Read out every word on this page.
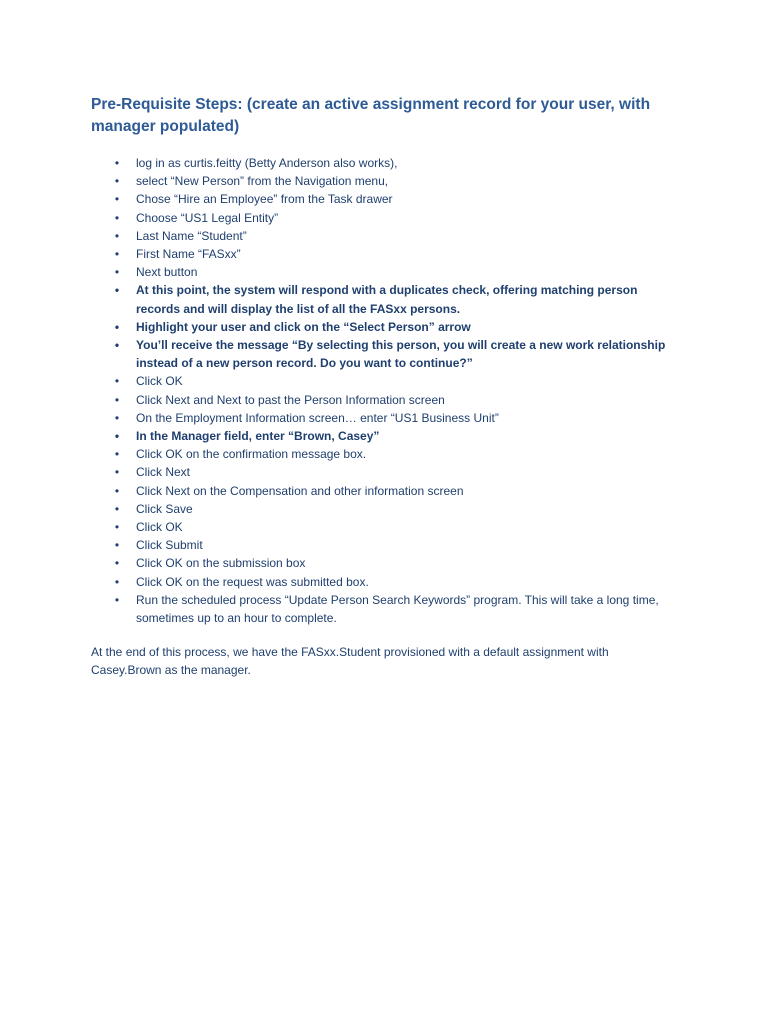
Pre-Requisite Steps: (create an active assignment record for your user, with manager populated)
• log in as curtis.feitty (Betty Anderson also works),
• select “New Person” from the Navigation menu,
• Chose “Hire an Employee” from the Task drawer
• Choose “US1 Legal Entity”
• Last Name “Student”
• First Name “FASxx”
• Next button
• At this point, the system will respond with a duplicates check, offering matching person records and will display the list of all the FASxx persons.
• Highlight your user and click on the “Select Person” arrow
• You’ll receive the message “By selecting this person, you will create a new work relationship instead of a new person record. Do you want to continue?”
• Click OK
• Click Next and Next to past the Person Information screen
• On the Employment Information screen… enter “US1 Business Unit”
• In the Manager field, enter “Brown, Casey”
• Click OK on the confirmation message box.
• Click Next
• Click Next on the Compensation and other information screen
• Click Save
• Click OK
• Click Submit
• Click OK on the submission box
• Click OK on the request was submitted box.
• Run the scheduled process “Update Person Search Keywords” program. This will take a long time, sometimes up to an hour to complete.
At the end of this process, we have the FASxx.Student provisioned with a default assignment with Casey.Brown as the manager.
